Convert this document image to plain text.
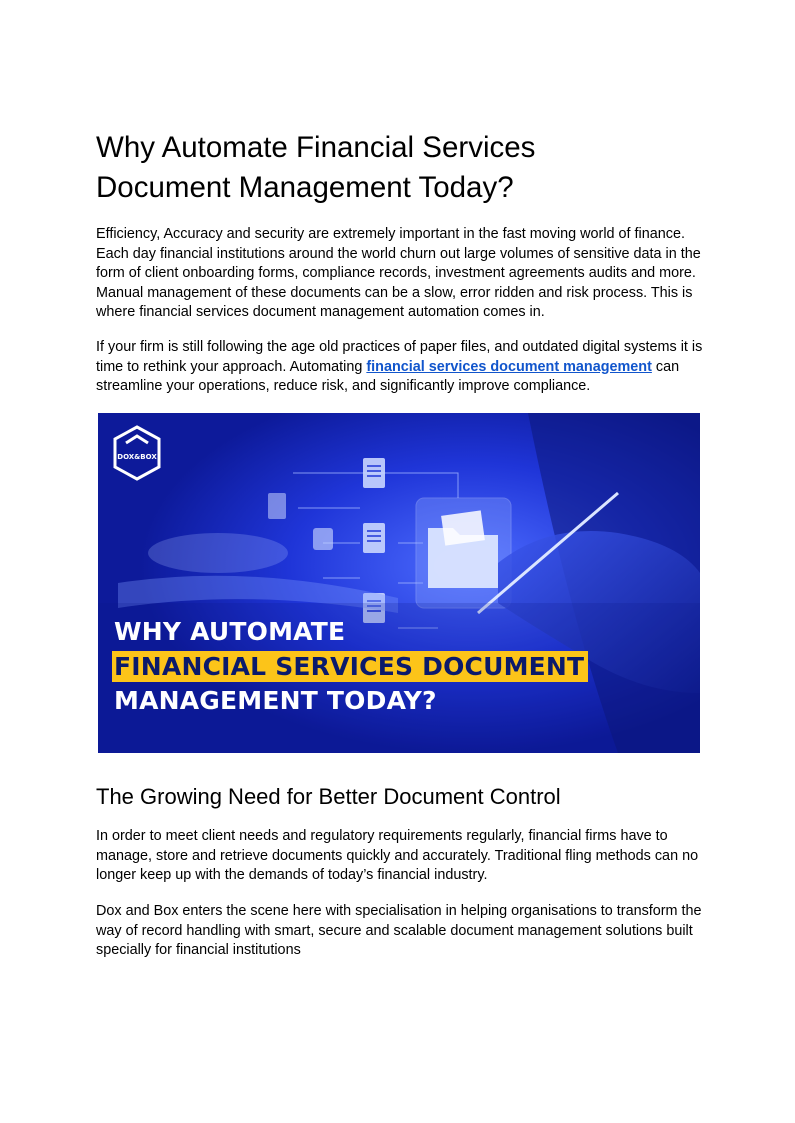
Why Automate Financial Services
Document Management Today?

Efficiency, Accuracy and security are extremely important in the fast moving world of finance. Each day financial institutions around the world churn out large volumes of sensitive data in the form of client onboarding forms, compliance records, investment agreements audits and more. Manual management of these documents can be a slow, error ridden and risk process. This is where financial services document management automation comes in.

If your firm is still following the age old practices of paper files, and outdated digital systems it is time to rethink your approach. Automating financial services document management can streamline your operations, reduce risk, and significantly improve compliance.

The Growing Need for Better Document Control

In order to meet client needs and regulatory requirements regularly, financial firms have to manage, store and retrieve documents quickly and accurately. Traditional fling methods can no longer keep up with the demands of today’s financial industry.

Dox and Box enters the scene here with specialisation in helping organisations to transform the way of record handling with smart, secure and scalable document management solutions built specially for financial institutions

DOX&BOX
WHY AUTOMATE
FINANCIAL SERVICES DOCUMENT
MANAGEMENT TODAY?
